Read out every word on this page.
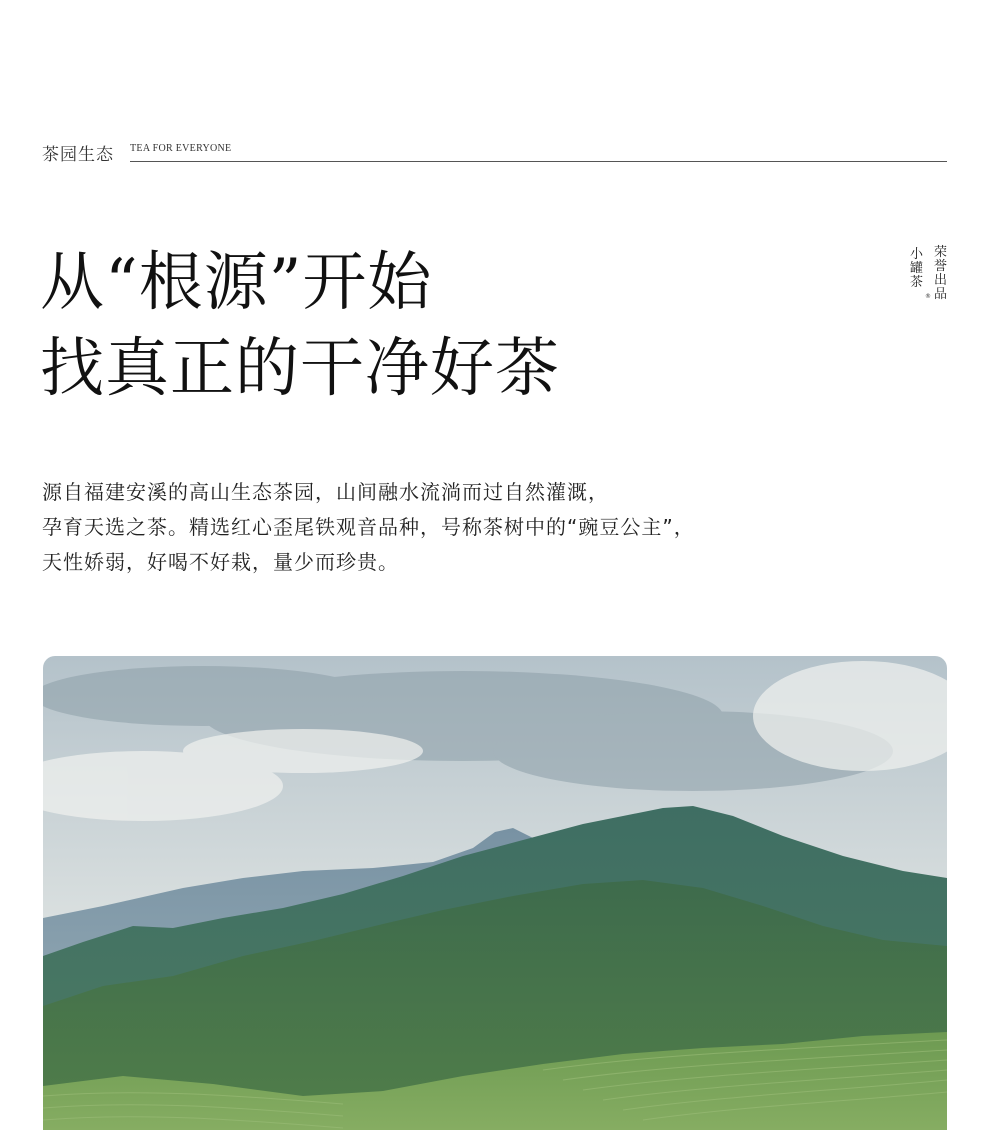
茶园生态 TEA FOR EVERYONE
从“根源”开始
找真正的干净好茶
小罐茶
®
荣誉出品
源自福建安溪的高山生态茶园，山间融水流淌而过自然灌溉，
孕育天选之茶。精选红心歪尾铁观音品种，号称茶树中的“豌豆公主”，
天性娇弱，好喝不好栽，量少而珍贵。
